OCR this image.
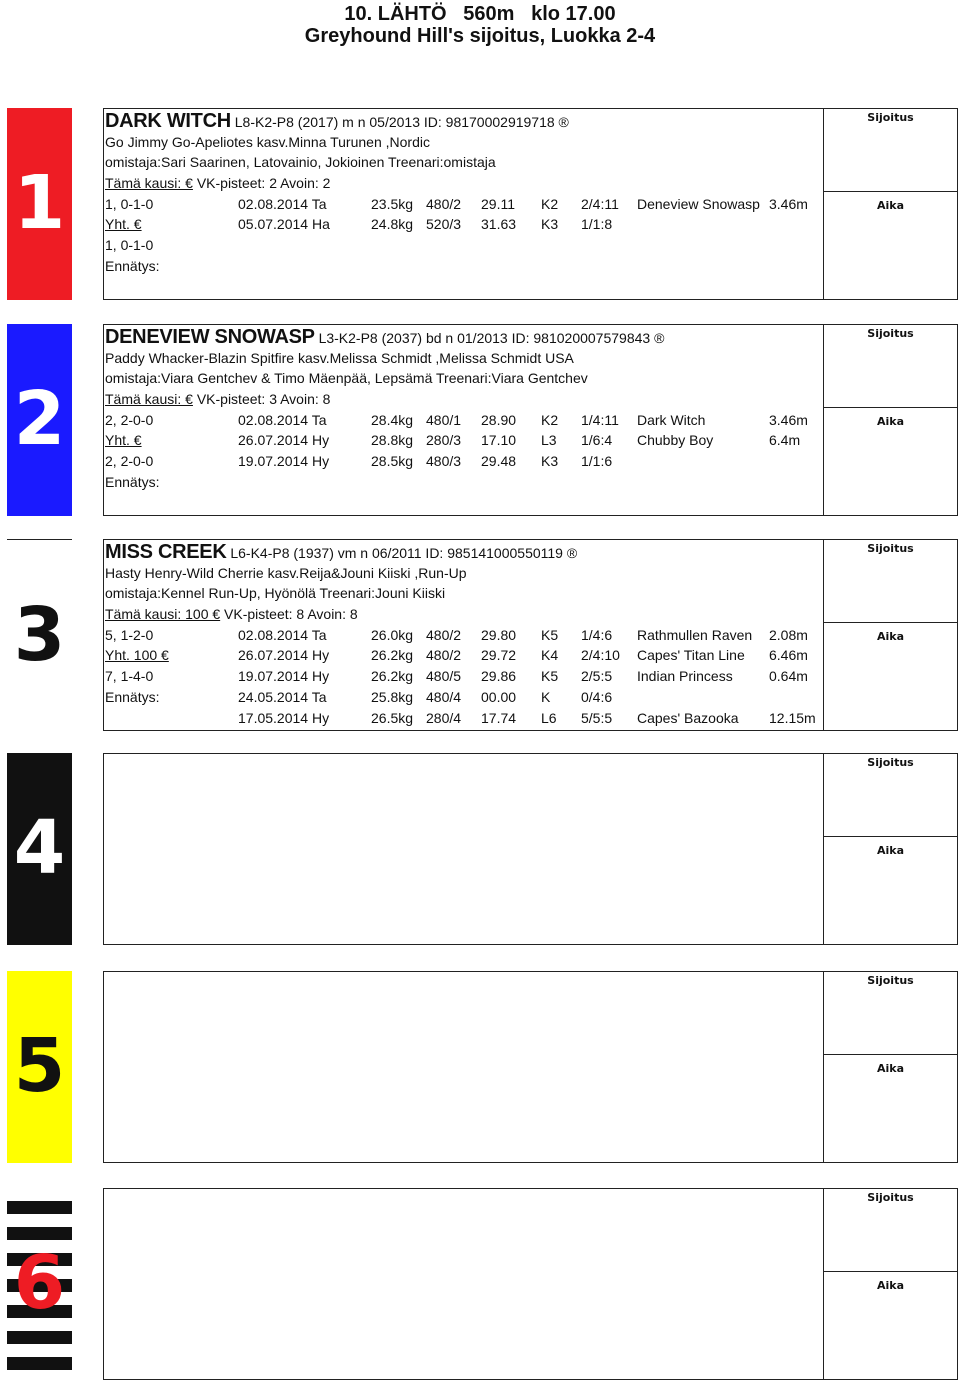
10. LÄHTÖ   560m   klo 17.00
Greyhound Hill's sijoitus, Luokka 2-4
1
DARK WITCH L8-K2-P8 (2017) m n 05/2013 ID: 98170002919718 ®
Go Jimmy Go-Apeliotes kasv.Minna Turunen ,Nordic
omistaja:Sari Saarinen, Latovainio, Jokioinen Treenari:omistaja
Tämä kausi: € VK-pisteet: 2 Avoin: 2
1, 0-1-0	02.08.2014 Ta	23.5kg 480/2 29.11 K2 2/4:11 Deneview Snowasp 3.46m
Yht. €	05.07.2014 Ha	24.8kg 520/3 31.63 K3 1/1:8
1, 0-1-0
Ennätys:
Sijoitus
Aika
2
DENEVIEW SNOWASP L3-K2-P8 (2037) bd n 01/2013 ID: 981020007579843 ®
Paddy Whacker-Blazin Spitfire kasv.Melissa Schmidt ,Melissa Schmidt USA
omistaja:Viara Gentchev & Timo Mäenpää, Lepsämä Treenari:Viara Gentchev
Tämä kausi: € VK-pisteet: 3 Avoin: 8
2, 2-0-0	02.08.2014 Ta	28.4kg 480/1 28.90 K2 1/4:11 Dark Witch	3.46m
Yht. €	26.07.2014 Hy	28.8kg 280/3 17.10 L3 1/6:4 Chubby Boy	6.4m
2, 2-0-0	19.07.2014 Hy	28.5kg 480/3 29.48 K3 1/1:6
Ennätys:
Sijoitus
Aika
3
MISS CREEK L6-K4-P8 (1937) vm n 06/2011 ID: 985141000550119 ®
Hasty Henry-Wild Cherrie kasv.Reija&Jouni Kiiski ,Run-Up
omistaja:Kennel Run-Up, Hyönölä Treenari:Jouni Kiiski
Tämä kausi: 100 € VK-pisteet: 8 Avoin: 8
5, 1-2-0	02.08.2014 Ta	26.0kg 480/2 29.80 K5 1/4:6 Rathmullen Raven 2.08m
Yht. 100 €	26.07.2014 Hy	26.2kg 480/2 29.72 K4 2/4:10 Capes' Titan Line 6.46m
7, 1-4-0	19.07.2014 Hy	26.2kg 480/5 29.86 K5 2/5:5 Indian Princess	0.64m
Ennätys:	24.05.2014 Ta	25.8kg 480/4 00.00 K 0/4:6
17.05.2014 Hy	26.5kg 280/4 17.74 L6 5/5:5 Capes' Bazooka 12.15m
Sijoitus
Aika
4
Sijoitus
Aika
5
Sijoitus
Aika
6
Sijoitus
Aika
